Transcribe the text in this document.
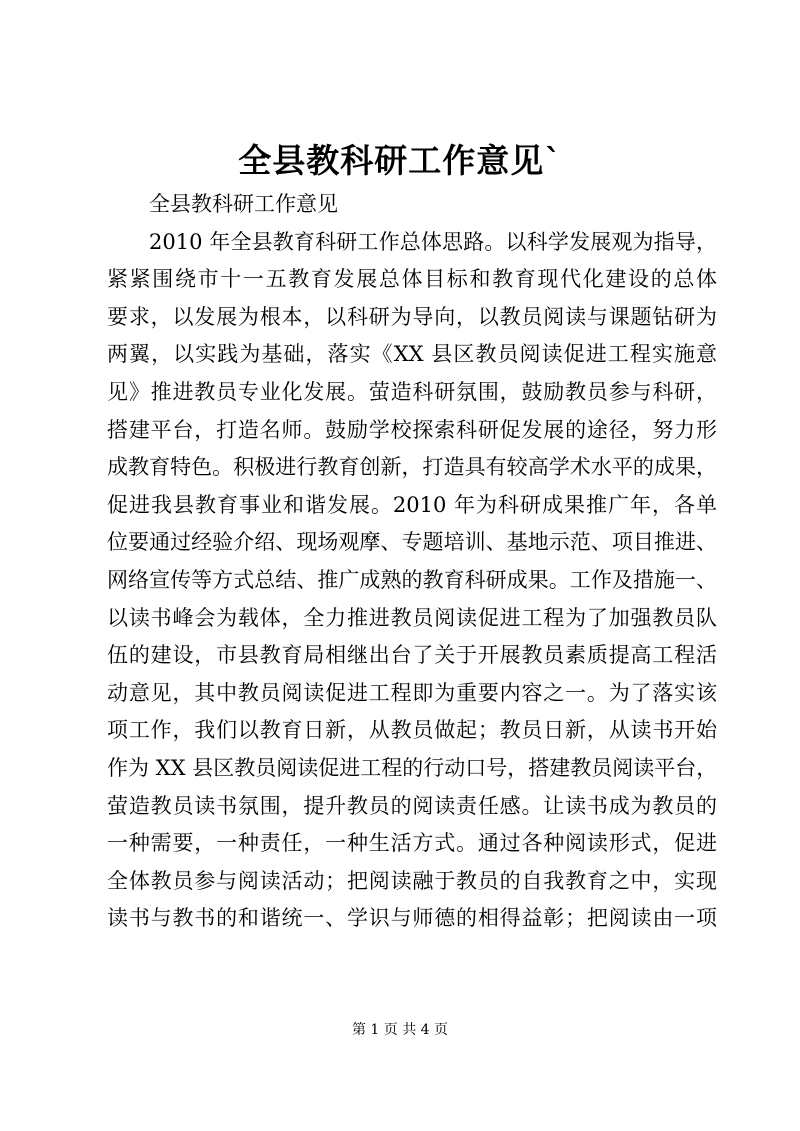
全县教科研工作意见`
全县教科研工作意见
2010 年全县教育科研工作总体思路。以科学发展观为指导，
紧紧围绕市十一五教育发展总体目标和教育现代化建设的总体
要求，以发展为根本，以科研为导向，以教员阅读与课题钻研为
两翼，以实践为基础，落实《XX 县区教员阅读促进工程实施意
见》推进教员专业化发展。萤造科研氛围，鼓励教员参与科研，
搭建平台，打造名师。鼓励学校探索科研促发展的途径，努力形
成教育特色。积极进行教育创新，打造具有较高学术水平的成果，
促进我县教育事业和谐发展。2010 年为科研成果推广年，各单
位要通过经验介绍、现场观摩、专题培训、基地示范、项目推进、
网络宣传等方式总结、推广成熟的教育科研成果。工作及措施一、
以读书峰会为载体，全力推进教员阅读促进工程为了加强教员队
伍的建设，市县教育局相继出台了关于开展教员素质提高工程活
动意见，其中教员阅读促进工程即为重要内容之一。为了落实该
项工作，我们以教育日新，从教员做起；教员日新，从读书开始
作为 XX 县区教员阅读促进工程的行动口号，搭建教员阅读平台，
萤造教员读书氛围，提升教员的阅读责任感。让读书成为教员的
一种需要，一种责任，一种生活方式。通过各种阅读形式，促进
全体教员参与阅读活动；把阅读融于教员的自我教育之中，实现
读书与教书的和谐统一、学识与师德的相得益彰；把阅读由一项
第 1 页 共 4 页
